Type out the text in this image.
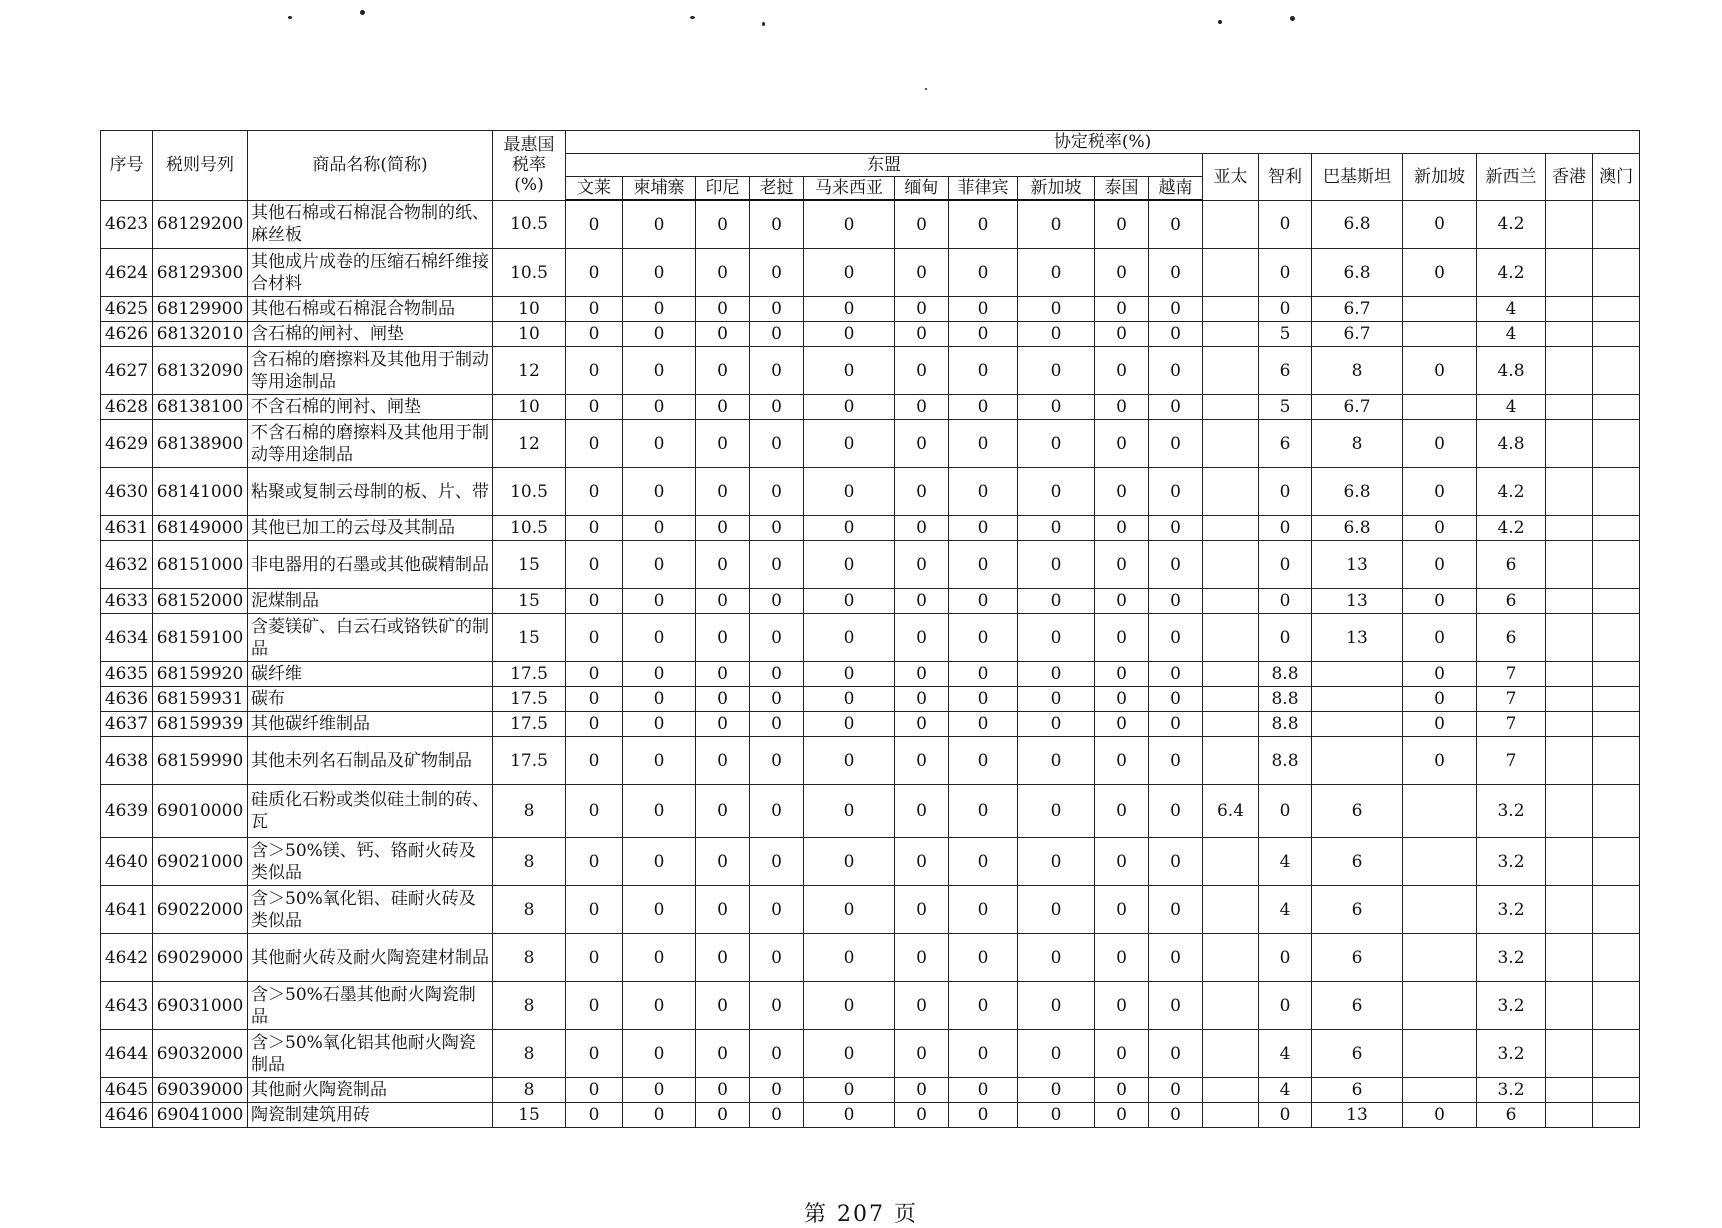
序号	税则号列	商品名称(简称)	最惠国
税率
(%)	协定税率(%)																
				东盟										亚太	智利	巴基斯坦	新加坡	新西兰	香港	澳门
				文莱	柬埔寨	印尼	老挝	马来西亚	缅甸	菲律宾	新加坡	泰国	越南							
4623	68129200	其他石棉或石棉混合物制的纸、麻丝板	10.5	0	0	0	0	0	0	0	0	0	0		0	6.8	0	4.2		
4624	68129300	其他成片成卷的压缩石棉纤维接合材料	10.5	0	0	0	0	0	0	0	0	0	0		0	6.8	0	4.2		
4625	68129900	其他石棉或石棉混合物制品	10	0	0	0	0	0	0	0	0	0	0		0	6.7		4		
4626	68132010	含石棉的闸衬、闸垫	10	0	0	0	0	0	0	0	0	0	0		5	6.7		4		
4627	68132090	含石棉的磨擦料及其他用于制动等用途制品	12	0	0	0	0	0	0	0	0	0	0		6	8	0	4.8		
4628	68138100	不含石棉的闸衬、闸垫	10	0	0	0	0	0	0	0	0	0	0		5	6.7		4		
4629	68138900	不含石棉的磨擦料及其他用于制动等用途制品	12	0	0	0	0	0	0	0	0	0	0		6	8	0	4.8		
4630	68141000	粘聚或复制云母制的板、片、带	10.5	0	0	0	0	0	0	0	0	0	0		0	6.8	0	4.2		
4631	68149000	其他已加工的云母及其制品	10.5	0	0	0	0	0	0	0	0	0	0		0	6.8	0	4.2		
4632	68151000	非电器用的石墨或其他碳精制品	15	0	0	0	0	0	0	0	0	0	0		0	13	0	6		
4633	68152000	泥煤制品	15	0	0	0	0	0	0	0	0	0	0		0	13	0	6		
4634	68159100	含菱镁矿、白云石或铬铁矿的制品	15	0	0	0	0	0	0	0	0	0	0		0	13	0	6		
4635	68159920	碳纤维	17.5	0	0	0	0	0	0	0	0	0	0		8.8		0	7		
4636	68159931	碳布	17.5	0	0	0	0	0	0	0	0	0	0		8.8		0	7		
4637	68159939	其他碳纤维制品	17.5	0	0	0	0	0	0	0	0	0	0		8.8		0	7		
4638	68159990	其他未列名石制品及矿物制品	17.5	0	0	0	0	0	0	0	0	0	0		8.8		0	7		
4639	69010000	硅质化石粉或类似硅土制的砖、瓦	8	0	0	0	0	0	0	0	0	0	0	6.4	0	6		3.2		
4640	69021000	含＞50%镁、钙、铬耐火砖及类似品	8	0	0	0	0	0	0	0	0	0	0		4	6		3.2		
4641	69022000	含＞50%氧化铝、硅耐火砖及类似品	8	0	0	0	0	0	0	0	0	0	0		4	6		3.2		
4642	69029000	其他耐火砖及耐火陶瓷建材制品	8	0	0	0	0	0	0	0	0	0	0		0	6		3.2		
4643	69031000	含＞50%石墨其他耐火陶瓷制品	8	0	0	0	0	0	0	0	0	0	0		0	6		3.2		
4644	69032000	含＞50%氧化铝其他耐火陶瓷制品	8	0	0	0	0	0	0	0	0	0	0		4	6		3.2		
4645	69039000	其他耐火陶瓷制品	8	0	0	0	0	0	0	0	0	0	0		4	6		3.2		
4646	69041000	陶瓷制建筑用砖	15	0	0	0	0	0	0	0	0	0	0		0	13	0	6		
第 207 页
